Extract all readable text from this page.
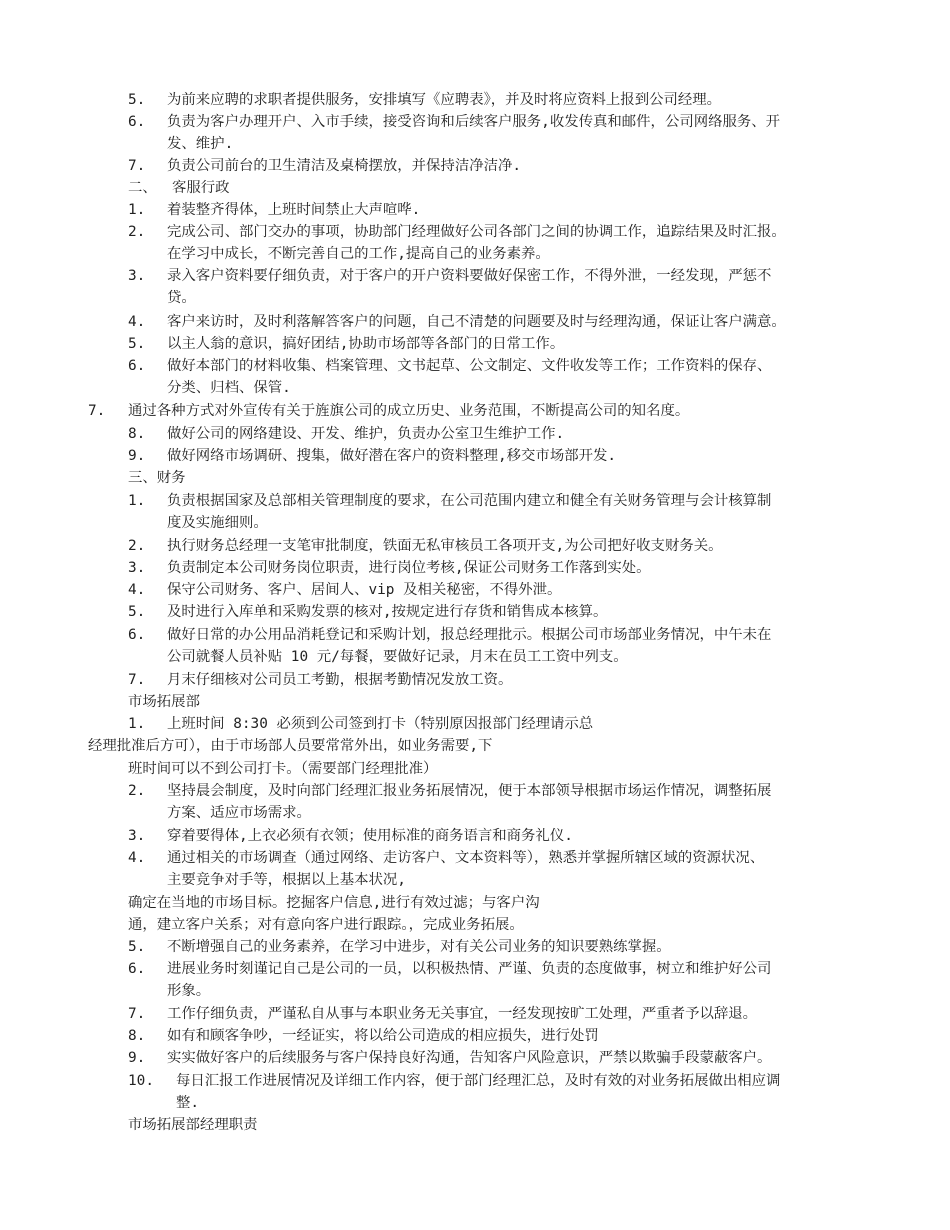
5. 为前来应聘的求职者提供服务，安排填写《应聘表》，并及时将应资料上报到公司经理。
6. 负责为客户办理开户、入市手续，接受咨询和后续客户服务,收发传真和邮件，公司网络服务、开
发、维护.
7. 负责公司前台的卫生清洁及桌椅摆放，并保持洁净洁净.
二、 客服行政
1. 着装整齐得体，上班时间禁止大声喧哗.
2. 完成公司、部门交办的事项，协助部门经理做好公司各部门之间的协调工作，追踪结果及时汇报。
在学习中成长，不断完善自己的工作,提高自己的业务素养。
3. 录入客户资料要仔细负责，对于客户的开户资料要做好保密工作，不得外泄，一经发现，严惩不
贷。
4. 客户来访时，及时利落解答客户的问题，自己不清楚的问题要及时与经理沟通，保证让客户满意。
5. 以主人翁的意识，搞好团结,协助市场部等各部门的日常工作。
6. 做好本部门的材料收集、档案管理、文书起草、公文制定、文件收发等工作；工作资料的保存、
分类、归档、保管.
7. 通过各种方式对外宣传有关于旌旗公司的成立历史、业务范围，不断提高公司的知名度。
8. 做好公司的网络建设、开发、维护，负责办公室卫生维护工作.
9. 做好网络市场调研、搜集，做好潜在客户的资料整理,移交市场部开发.
三、财务
1. 负责根据国家及总部相关管理制度的要求，在公司范围内建立和健全有关财务管理与会计核算制
度及实施细则。
2. 执行财务总经理一支笔审批制度，铁面无私审核员工各项开支,为公司把好收支财务关。
3. 负责制定本公司财务岗位职责，进行岗位考核,保证公司财务工作落到实处。
4. 保守公司财务、客户、居间人、vip 及相关秘密，不得外泄。
5. 及时进行入库单和采购发票的核对,按规定进行存货和销售成本核算。
6. 做好日常的办公用品消耗登记和采购计划，报总经理批示。根据公司市场部业务情况，中午未在
公司就餐人员补贴 10 元/每餐，要做好记录，月末在员工工资中列支。
7. 月末仔细核对公司员工考勤，根据考勤情况发放工资。
市场拓展部
1. 上班时间 8:30 必须到公司签到打卡（特别原因报部门经理请示总
经理批准后方可），由于市场部人员要常常外出，如业务需要,下
班时间可以不到公司打卡。（需要部门经理批准）
2. 坚持晨会制度，及时向部门经理汇报业务拓展情况，便于本部领导根据市场运作情况，调整拓展
方案、适应市场需求。
3. 穿着要得体,上衣必须有衣领；使用标准的商务语言和商务礼仪.
4. 通过相关的市场调查（通过网络、走访客户、文本资料等），熟悉并掌握所辖区域的资源状况、
主要竞争对手等，根据以上基本状况,
确定在当地的市场目标。挖掘客户信息,进行有效过滤；与客户沟
通，建立客户关系；对有意向客户进行跟踪。，完成业务拓展。
5. 不断增强自己的业务素养，在学习中进步，对有关公司业务的知识要熟练掌握。
6. 进展业务时刻谨记自己是公司的一员，以积极热情、严谨、负责的态度做事，树立和维护好公司
形象。
7. 工作仔细负责，严谨私自从事与本职业务无关事宜，一经发现按旷工处理，严重者予以辞退。
8. 如有和顾客争吵，一经证实，将以给公司造成的相应损失，进行处罚
9. 实实做好客户的后续服务与客户保持良好沟通，告知客户风险意识，严禁以欺骗手段蒙蔽客户。
10. 每日汇报工作进展情况及详细工作内容，便于部门经理汇总，及时有效的对业务拓展做出相应调
整.
市场拓展部经理职责
